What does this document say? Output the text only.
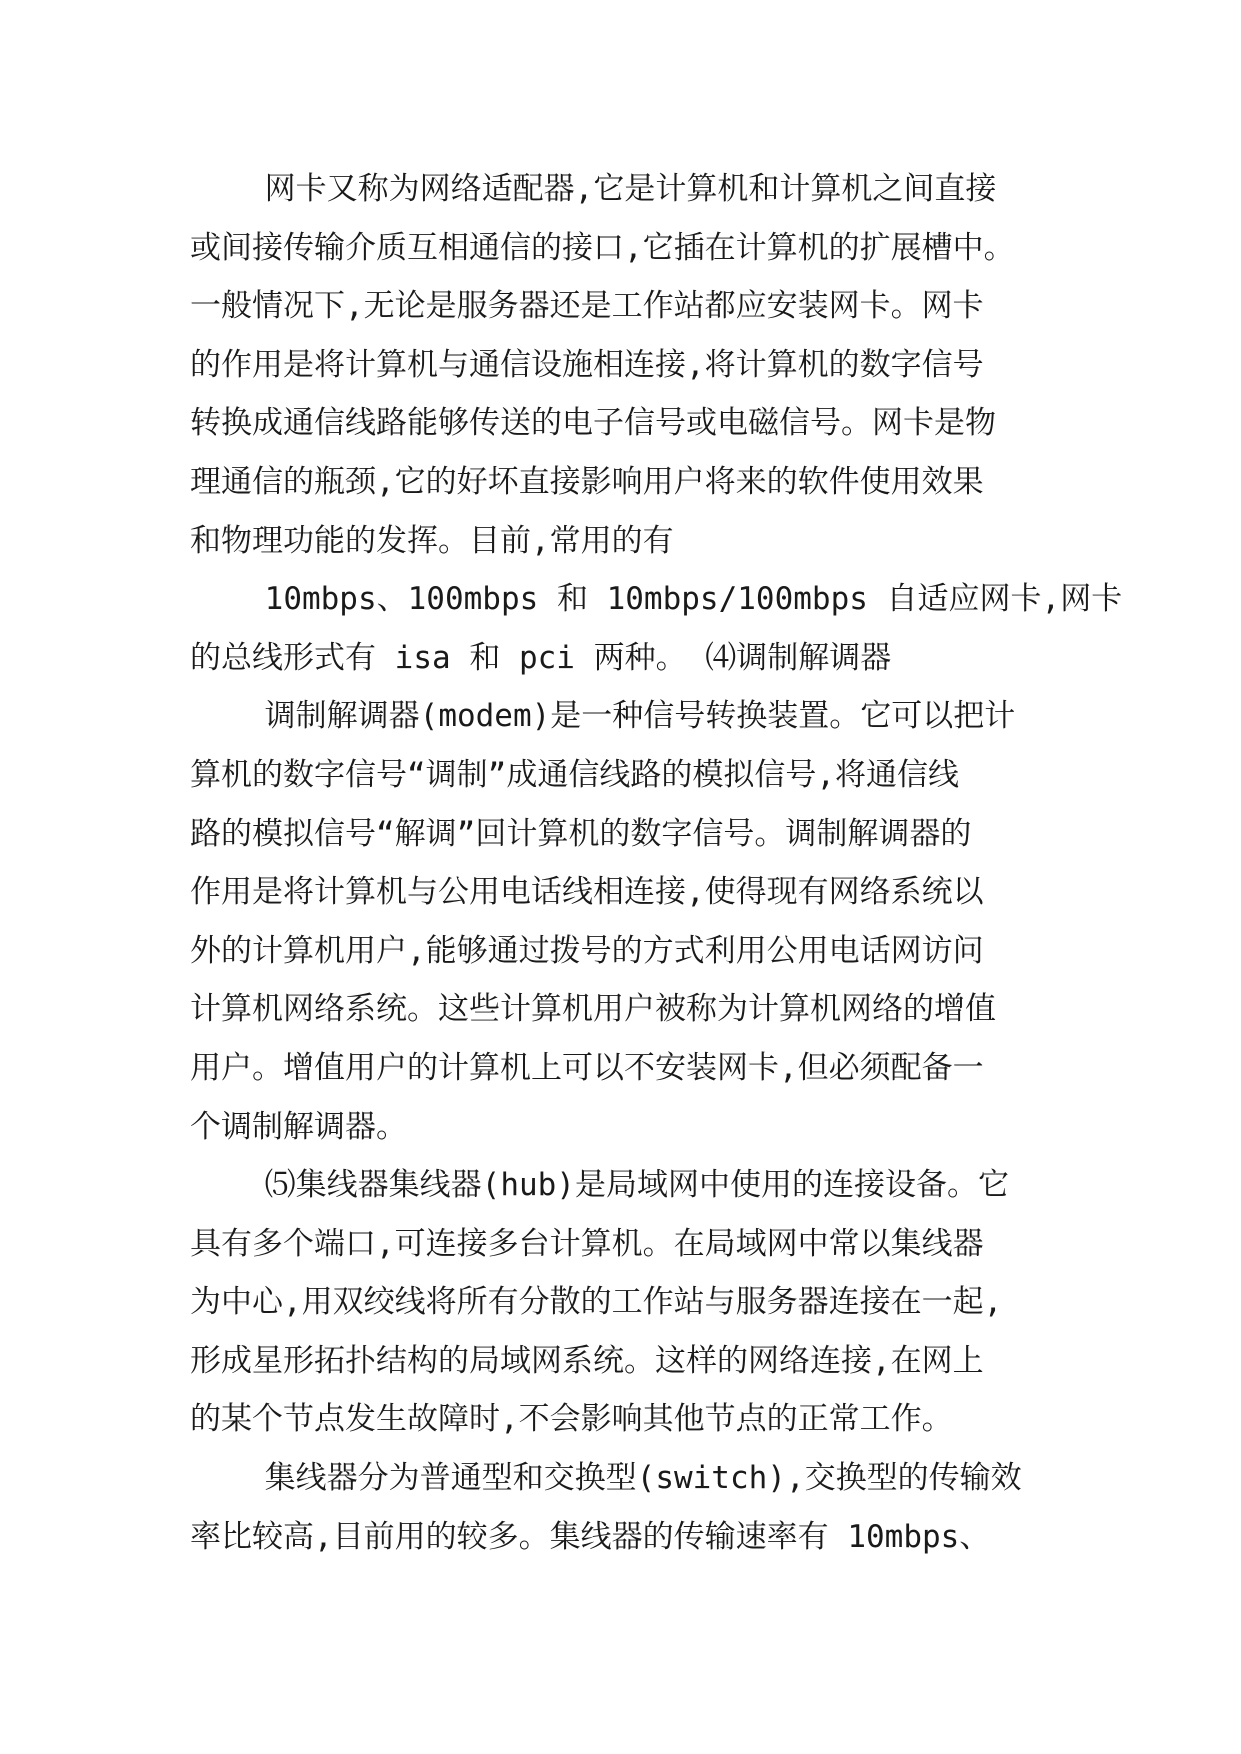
网卡又称为网络适配器,它是计算机和计算机之间直接
或间接传输介质互相通信的接口,它插在计算机的扩展槽中。
一般情况下,无论是服务器还是工作站都应安装网卡。网卡
的作用是将计算机与通信设施相连接,将计算机的数字信号
转换成通信线路能够传送的电子信号或电磁信号。网卡是物
理通信的瓶颈,它的好坏直接影响用户将来的软件使用效果
和物理功能的发挥。目前,常用的有
10mbps、100mbps 和 10mbps/100mbps 自适应网卡,网卡
的总线形式有 isa 和 pci 两种。 ⑷调制解调器
调制解调器(modem)是一种信号转换装置。它可以把计
算机的数字信号“调制”成通信线路的模拟信号,将通信线
路的模拟信号“解调”回计算机的数字信号。调制解调器的
作用是将计算机与公用电话线相连接,使得现有网络系统以
外的计算机用户,能够通过拨号的方式利用公用电话网访问
计算机网络系统。这些计算机用户被称为计算机网络的增值
用户。增值用户的计算机上可以不安装网卡,但必须配备一
个调制解调器。
⑸集线器集线器(hub)是局域网中使用的连接设备。它
具有多个端口,可连接多台计算机。在局域网中常以集线器
为中心,用双绞线将所有分散的工作站与服务器连接在一起,
形成星形拓扑结构的局域网系统。这样的网络连接,在网上
的某个节点发生故障时,不会影响其他节点的正常工作。
集线器分为普通型和交换型(switch),交换型的传输效
率比较高,目前用的较多。集线器的传输速率有 10mbps、
